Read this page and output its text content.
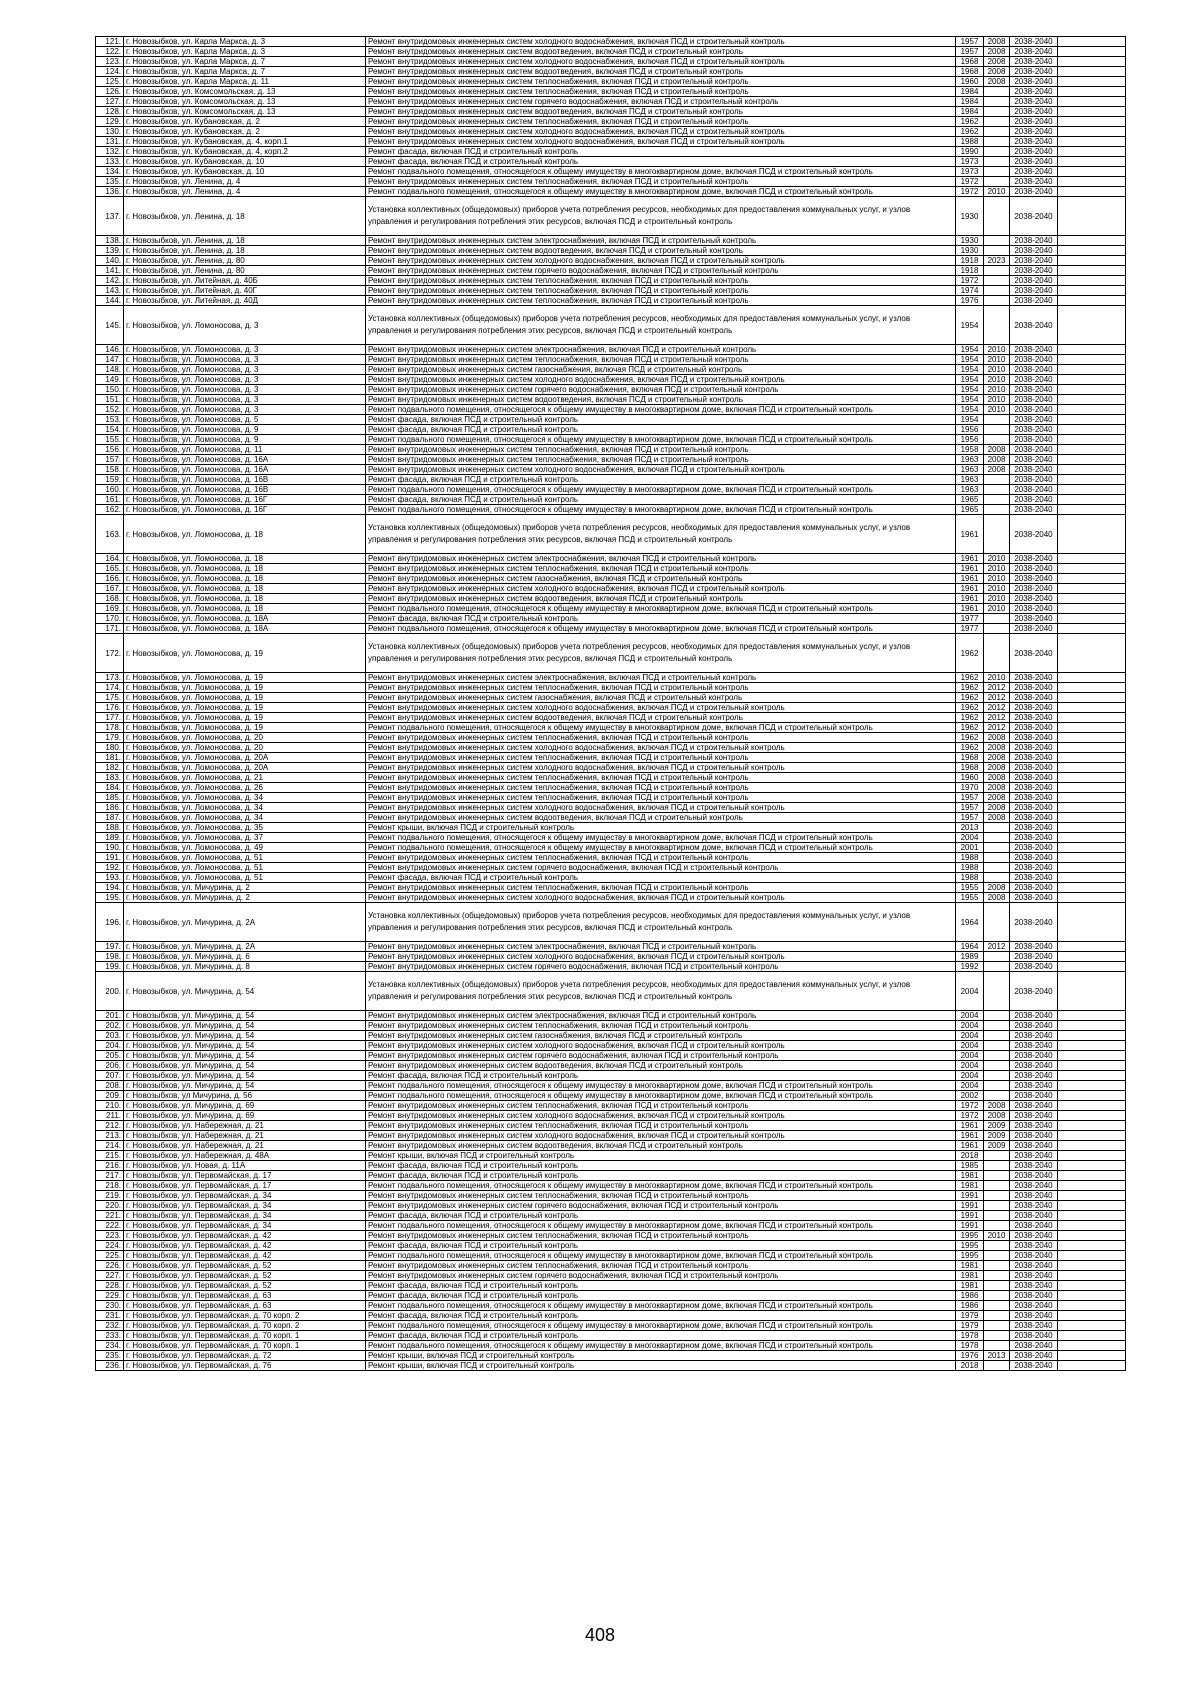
121.	г. Новозыбков, ул. Карла Маркса, д. 3	Ремонт внутридомовых инженерных систем холодного водоснабжения, включая ПСД и строительный контроль	1957	2008	2038-2040	
122.	г. Новозыбков, ул. Карла Маркса, д. 3	Ремонт внутридомовых инженерных систем водоотведения, включая ПСД и строительный контроль	1957	2008	2038-2040	
123.	г. Новозыбков, ул. Карла Маркса, д. 7	Ремонт внутридомовых инженерных систем холодного водоснабжения, включая ПСД и строительный контроль	1968	2008	2038-2040	
124.	г. Новозыбков, ул. Карла Маркса, д. 7	Ремонт внутридомовых инженерных систем водоотведения, включая ПСД и строительный контроль	1968	2008	2038-2040	
125.	г. Новозыбков, ул. Карла Маркса, д. 11	Ремонт внутридомовых инженерных систем теплоснабжения, включая ПСД и строительный контроль	1960	2008	2038-2040	
126.	г. Новозыбков, ул. Комсомольская, д. 13	Ремонт внутридомовых инженерных систем теплоснабжения, включая ПСД и строительный контроль	1984		2038-2040	
127.	г. Новозыбков, ул. Комсомольская, д. 13	Ремонт внутридомовых инженерных систем горячего водоснабжения, включая ПСД и строительный контроль	1984		2038-2040	
128.	г. Новозыбков, ул. Комсомольская, д. 13	Ремонт внутридомовых инженерных систем водоотведения, включая ПСД и строительный контроль	1984		2038-2040	
129.	г. Новозыбков, ул. Кубановская, д. 2	Ремонт внутридомовых инженерных систем теплоснабжения, включая ПСД и строительный контроль	1962		2038-2040	
130.	г. Новозыбков, ул. Кубановская, д. 2	Ремонт внутридомовых инженерных систем холодного водоснабжения, включая ПСД и строительный контроль	1962		2038-2040	
131.	г. Новозыбков, ул. Кубановская, д. 4, корп.1	Ремонт внутридомовых инженерных систем холодного водоснабжения, включая ПСД и строительный контроль	1988		2038-2040	
132.	г. Новозыбков, ул. Кубановская, д. 4, корп.2	Ремонт фасада, включая ПСД и строительный контроль	1990		2038-2040	
133.	г. Новозыбков, ул. Кубановская, д. 10	Ремонт фасада, включая ПСД и строительный контроль	1973		2038-2040	
134.	г. Новозыбков, ул. Кубановская, д. 10	Ремонт подвального помещения, относящегося к общему имуществу в многоквартирном доме, включая ПСД и строительный контроль	1973		2038-2040	
135.	г. Новозыбков, ул. Ленина, д. 4	Ремонт внутридомовых инженерных систем теплоснабжения, включая ПСД и строительный контроль	1972		2038-2040	
136.	г. Новозыбков, ул. Ленина, д. 4	Ремонт подвального помещения, относящегося к общему имуществу в многоквартирном доме, включая ПСД и строительный контроль	1972	2010	2038-2040	
137.	г. Новозыбков, ул. Ленина, д. 18	Установка коллективных (общедомовых) приборов учета потребления ресурсов, необходимых для предоставления коммунальных услуг, и узлов управления и регулирования потребления этих ресурсов, включая ПСД и строительный контроль	1930		2038-2040	
138.	г. Новозыбков, ул. Ленина, д. 18	Ремонт внутридомовых инженерных систем электроснабжения, включая ПСД и строительный контроль	1930		2038-2040	
139.	г. Новозыбков, ул. Ленина, д. 18	Ремонт внутридомовых инженерных систем водоотведения, включая ПСД и строительный контроль	1930		2038-2040	
140.	г. Новозыбков, ул. Ленина, д. 80	Ремонт внутридомовых инженерных систем холодного водоснабжения, включая ПСД и строительный контроль	1918	2023	2038-2040	
141.	г. Новозыбков, ул. Ленина, д. 80	Ремонт внутридомовых инженерных систем горячего водоснабжения, включая ПСД и строительный контроль	1918		2038-2040	
142.	г. Новозыбков, ул. Литейная, д. 40Б	Ремонт внутридомовых инженерных систем теплоснабжения, включая ПСД и строительный контроль	1972		2038-2040	
143.	г. Новозыбков, ул. Литейная, д. 40Г	Ремонт внутридомовых инженерных систем теплоснабжения, включая ПСД и строительный контроль	1974		2038-2040	
144.	г. Новозыбков, ул. Литейная, д. 40Д	Ремонт внутридомовых инженерных систем теплоснабжения, включая ПСД и строительный контроль	1976		2038-2040	
145.	г. Новозыбков, ул. Ломоносова, д. 3	Установка коллективных (общедомовых) приборов учета потребления ресурсов, необходимых для предоставления коммунальных услуг, и узлов управления и регулирования потребления этих ресурсов, включая ПСД и строительный контроль	1954		2038-2040	
146.	г. Новозыбков, ул. Ломоносова, д. 3	Ремонт внутридомовых инженерных систем электроснабжения, включая ПСД и строительный контроль	1954	2010	2038-2040	
147.	г. Новозыбков, ул. Ломоносова, д. 3	Ремонт внутридомовых инженерных систем теплоснабжения, включая ПСД и строительный контроль	1954	2010	2038-2040	
148.	г. Новозыбков, ул. Ломоносова, д. 3	Ремонт внутридомовых инженерных систем газоснабжения, включая ПСД и строительный контроль	1954	2010	2038-2040	
149.	г. Новозыбков, ул. Ломоносова, д. 3	Ремонт внутридомовых инженерных систем холодного водоснабжения, включая ПСД и строительный контроль	1954	2010	2038-2040	
150.	г. Новозыбков, ул. Ломоносова, д. 3	Ремонт внутридомовых инженерных систем горячего водоснабжения, включая ПСД и строительный контроль	1954	2010	2038-2040	
151.	г. Новозыбков, ул. Ломоносова, д. 3	Ремонт внутридомовых инженерных систем водоотведения, включая ПСД и строительный контроль	1954	2010	2038-2040	
152.	г. Новозыбков, ул. Ломоносова, д. 3	Ремонт подвального помещения, относящегося к общему имуществу в многоквартирном доме, включая ПСД и строительный контроль	1954	2010	2038-2040	
153.	г. Новозыбков, ул. Ломоносова, д. 5	Ремонт фасада, включая ПСД и строительный контроль	1954		2038-2040	
154.	г. Новозыбков, ул. Ломоносова, д. 9	Ремонт фасада, включая ПСД и строительный контроль	1956		2038-2040	
155.	г. Новозыбков, ул. Ломоносова, д. 9	Ремонт подвального помещения, относящегося к общему имуществу в многоквартирном доме, включая ПСД и строительный контроль	1956		2038-2040	
156.	г. Новозыбков, ул. Ломоносова, д. 11	Ремонт внутридомовых инженерных систем теплоснабжения, включая ПСД и строительный контроль	1958	2008	2038-2040	
157.	г. Новозыбков, ул. Ломоносова, д. 16А	Ремонт внутридомовых инженерных систем теплоснабжения, включая ПСД и строительный контроль	1963	2008	2038-2040	
158.	г. Новозыбков, ул. Ломоносова, д. 16А	Ремонт внутридомовых инженерных систем холодного водоснабжения, включая ПСД и строительный контроль	1963	2008	2038-2040	
159.	г. Новозыбков, ул. Ломоносова, д. 16В	Ремонт фасада, включая ПСД и строительный контроль	1963		2038-2040	
160.	г. Новозыбков, ул. Ломоносова, д. 16В	Ремонт подвального помещения, относящегося к общему имуществу в многоквартирном доме, включая ПСД и строительный контроль	1963		2038-2040	
161.	г. Новозыбков, ул. Ломоносова, д. 16Г	Ремонт фасада, включая ПСД и строительный контроль	1965		2038-2040	
162.	г. Новозыбков, ул. Ломоносова, д. 16Г	Ремонт подвального помещения, относящегося к общему имуществу в многоквартирном доме, включая ПСД и строительный контроль	1965		2038-2040	
163.	г. Новозыбков, ул. Ломоносова, д. 18	Установка коллективных (общедомовых) приборов учета потребления ресурсов, необходимых для предоставления коммунальных услуг, и узлов управления и регулирования потребления этих ресурсов, включая ПСД и строительный контроль	1961		2038-2040	
164.	г. Новозыбков, ул. Ломоносова, д. 18	Ремонт внутридомовых инженерных систем электроснабжения, включая ПСД и строительный контроль	1961	2010	2038-2040	
165.	г. Новозыбков, ул. Ломоносова, д. 18	Ремонт внутридомовых инженерных систем теплоснабжения, включая ПСД и строительный контроль	1961	2010	2038-2040	
166.	г. Новозыбков, ул. Ломоносова, д. 18	Ремонт внутридомовых инженерных систем газоснабжения, включая ПСД и строительный контроль	1961	2010	2038-2040	
167.	г. Новозыбков, ул. Ломоносова, д. 18	Ремонт внутридомовых инженерных систем холодного водоснабжения, включая ПСД и строительный контроль	1961	2010	2038-2040	
168.	г. Новозыбков, ул. Ломоносова, д. 18	Ремонт внутридомовых инженерных систем водоотведения, включая ПСД и строительный контроль	1961	2010	2038-2040	
169.	г. Новозыбков, ул. Ломоносова, д. 18	Ремонт подвального помещения, относящегося к общему имуществу в многоквартирном доме, включая ПСД и строительный контроль	1961	2010	2038-2040	
170.	г. Новозыбков, ул. Ломоносова, д. 18А	Ремонт фасада, включая ПСД и строительный контроль	1977		2038-2040	
171.	г. Новозыбков, ул. Ломоносова, д. 18А	Ремонт подвального помещения, относящегося к общему имуществу в многоквартирном доме, включая ПСД и строительный контроль	1977		2038-2040	
172.	г. Новозыбков, ул. Ломоносова, д. 19	Установка коллективных (общедомовых) приборов учета потребления ресурсов, необходимых для предоставления коммунальных услуг, и узлов управления и регулирования потребления этих ресурсов, включая ПСД и строительный контроль	1962		2038-2040	
173.	г. Новозыбков, ул. Ломоносова, д. 19	Ремонт внутридомовых инженерных систем электроснабжения, включая ПСД и строительный контроль	1962	2010	2038-2040	
174.	г. Новозыбков, ул. Ломоносова, д. 19	Ремонт внутридомовых инженерных систем теплоснабжения, включая ПСД и строительный контроль	1962	2012	2038-2040	
175.	г. Новозыбков, ул. Ломоносова, д. 19	Ремонт внутридомовых инженерных систем газоснабжения, включая ПСД и строительный контроль	1962	2012	2038-2040	
176.	г. Новозыбков, ул. Ломоносова, д. 19	Ремонт внутридомовых инженерных систем холодного водоснабжения, включая ПСД и строительный контроль	1962	2012	2038-2040	
177.	г. Новозыбков, ул. Ломоносова, д. 19	Ремонт внутридомовых инженерных систем водоотведения, включая ПСД и строительный контроль	1962	2012	2038-2040	
178.	г. Новозыбков, ул. Ломоносова, д. 19	Ремонт подвального помещения, относящегося к общему имуществу в многоквартирном доме, включая ПСД и строительный контроль	1962	2012	2038-2040	
179.	г. Новозыбков, ул. Ломоносова, д. 20	Ремонт внутридомовых инженерных систем теплоснабжения, включая ПСД и строительный контроль	1962	2008	2038-2040	
180.	г. Новозыбков, ул. Ломоносова, д. 20	Ремонт внутридомовых инженерных систем холодного водоснабжения, включая ПСД и строительный контроль	1962	2008	2038-2040	
181.	г. Новозыбков, ул. Ломоносова, д. 20А	Ремонт внутридомовых инженерных систем теплоснабжения, включая ПСД и строительный контроль	1968	2008	2038-2040	
182.	г. Новозыбков, ул. Ломоносова, д. 20А	Ремонт внутридомовых инженерных систем холодного водоснабжения, включая ПСД и строительный контроль	1968	2008	2038-2040	
183.	г. Новозыбков, ул. Ломоносова, д. 21	Ремонт внутридомовых инженерных систем теплоснабжения, включая ПСД и строительный контроль	1960	2008	2038-2040	
184.	г. Новозыбков, ул. Ломоносова, д. 26	Ремонт внутридомовых инженерных систем теплоснабжения, включая ПСД и строительный контроль	1970	2008	2038-2040	
185.	г. Новозыбков, ул. Ломоносова, д. 34	Ремонт внутридомовых инженерных систем теплоснабжения, включая ПСД и строительный контроль	1957	2008	2038-2040	
186.	г. Новозыбков, ул. Ломоносова, д. 34	Ремонт внутридомовых инженерных систем холодного водоснабжения, включая ПСД и строительный контроль	1957	2008	2038-2040	
187.	г. Новозыбков, ул. Ломоносова, д. 34	Ремонт внутридомовых инженерных систем водоотведения, включая ПСД и строительный контроль	1957	2008	2038-2040	
188.	г. Новозыбков, ул. Ломоносова, д. 35	Ремонт крыши, включая ПСД и строительный контроль	2013		2038-2040	
189.	г. Новозыбков, ул. Ломоносова, д. 37	Ремонт подвального помещения, относящегося к общему имуществу в многоквартирном доме, включая ПСД и строительный контроль	2004		2038-2040	
190.	г. Новозыбков, ул. Ломоносова, д. 49	Ремонт подвального помещения, относящегося к общему имуществу в многоквартирном доме, включая ПСД и строительный контроль	2001		2038-2040	
191.	г. Новозыбков, ул. Ломоносова, д. 51	Ремонт внутридомовых инженерных систем теплоснабжения, включая ПСД и строительный контроль	1988		2038-2040	
192.	г. Новозыбков, ул. Ломоносова, д. 51	Ремонт внутридомовых инженерных систем горячего водоснабжения, включая ПСД и строительный контроль	1988		2038-2040	
193.	г. Новозыбков, ул. Ломоносова, д. 51	Ремонт фасада, включая ПСД и строительный контроль	1988		2038-2040	
194.	г. Новозыбков, ул. Мичурина, д. 2	Ремонт внутридомовых инженерных систем теплоснабжения, включая ПСД и строительный контроль	1955	2008	2038-2040	
195.	г. Новозыбков, ул. Мичурина, д. 2	Ремонт внутридомовых инженерных систем холодного водоснабжения, включая ПСД и строительный контроль	1955	2008	2038-2040	
196.	г. Новозыбков, ул. Мичурина, д. 2А	Установка коллективных (общедомовых) приборов учета потребления ресурсов, необходимых для предоставления коммунальных услуг, и узлов управления и регулирования потребления этих ресурсов, включая ПСД и строительный контроль	1964		2038-2040	
197.	г. Новозыбков, ул. Мичурина, д. 2А	Ремонт внутридомовых инженерных систем электроснабжения, включая ПСД и строительный контроль	1964	2012	2038-2040	
198.	г. Новозыбков, ул. Мичурина, д. 6	Ремонт внутридомовых инженерных систем холодного водоснабжения, включая ПСД и строительный контроль	1989		2038-2040	
199.	г. Новозыбков, ул. Мичурина, д. 8	Ремонт внутридомовых инженерных систем горячего водоснабжения, включая ПСД и строительный контроль	1992		2038-2040	
200.	г. Новозыбков, ул. Мичурина, д. 54	Установка коллективных (общедомовых) приборов учета потребления ресурсов, необходимых для предоставления коммунальных услуг, и узлов управления и регулирования потребления этих ресурсов, включая ПСД и строительный контроль	2004		2038-2040	
201.	г. Новозыбков, ул. Мичурина, д. 54	Ремонт внутридомовых инженерных систем электроснабжения, включая ПСД и строительный контроль	2004		2038-2040	
202.	г. Новозыбков, ул. Мичурина, д. 54	Ремонт внутридомовых инженерных систем теплоснабжения, включая ПСД и строительный контроль	2004		2038-2040	
203.	г. Новозыбков, ул. Мичурина, д. 54	Ремонт внутридомовых инженерных систем газоснабжения, включая ПСД и строительный контроль	2004		2038-2040	
204.	г. Новозыбков, ул. Мичурина, д. 54	Ремонт внутридомовых инженерных систем холодного водоснабжения, включая ПСД и строительный контроль	2004		2038-2040	
205.	г. Новозыбков, ул. Мичурина, д. 54	Ремонт внутридомовых инженерных систем горячего водоснабжения, включая ПСД и строительный контроль	2004		2038-2040	
206.	г. Новозыбков, ул. Мичурина, д. 54	Ремонт внутридомовых инженерных систем водоотведения, включая ПСД и строительный контроль	2004		2038-2040	
207.	г. Новозыбков, ул. Мичурина, д. 54	Ремонт фасада, включая ПСД и строительный контроль	2004		2038-2040	
208.	г. Новозыбков, ул. Мичурина, д. 54	Ремонт подвального помещения, относящегося к общему имуществу в многоквартирном доме, включая ПСД и строительный контроль	2004		2038-2040	
209.	г. Новозыбков, ул Мичурина, д. 56	Ремонт подвального помещения, относящегося к общему имуществу в многоквартирном доме, включая ПСД и строительный контроль	2002		2038-2040	
210.	г. Новозыбков, ул. Мичурина, д. 69	Ремонт внутридомовых инженерных систем теплоснабжения, включая ПСД и строительный контроль	1972	2008	2038-2040	
211.	г. Новозыбков, ул. Мичурина, д. 69	Ремонт внутридомовых инженерных систем холодного водоснабжения, включая ПСД и строительный контроль	1972	2008	2038-2040	
212.	г. Новозыбков, ул. Набережная, д. 21	Ремонт внутридомовых инженерных систем теплоснабжения, включая ПСД и строительный контроль	1961	2009	2038-2040	
213.	г. Новозыбков, ул. Набережная, д. 21	Ремонт внутридомовых инженерных систем холодного водоснабжения, включая ПСД и строительный контроль	1961	2009	2038-2040	
214.	г. Новозыбков, ул. Набережная, д. 21	Ремонт внутридомовых инженерных систем водоотведения, включая ПСД и строительный контроль	1961	2009	2038-2040	
215.	г. Новозыбков, ул. Набережная, д. 48А	Ремонт крыши, включая ПСД и строительный контроль	2018		2038-2040	
216.	г. Новозыбков, ул. Новая, д. 11А	Ремонт фасада, включая ПСД и строительный контроль	1985		2038-2040	
217.	г. Новозыбков, ул. Первомайская, д. 17	Ремонт фасада, включая ПСД и строительный контроль	1981		2038-2040	
218.	г. Новозыбков, ул. Первомайская, д. 17	Ремонт подвального помещения, относящегося к общему имуществу в многоквартирном доме, включая ПСД и строительный контроль	1981		2038-2040	
219.	г. Новозыбков, ул. Первомайская, д. 34	Ремонт внутридомовых инженерных систем теплоснабжения, включая ПСД и строительный контроль	1991		2038-2040	
220.	г. Новозыбков, ул. Первомайская, д. 34	Ремонт внутридомовых инженерных систем горячего водоснабжения, включая ПСД и строительный контроль	1991		2038-2040	
221.	г. Новозыбков, ул. Первомайская, д. 34	Ремонт фасада, включая ПСД и строительный контроль	1991		2038-2040	
222.	г. Новозыбков, ул. Первомайская, д. 34	Ремонт подвального помещения, относящегося к общему имуществу в многоквартирном доме, включая ПСД и строительный контроль	1991		2038-2040	
223.	г. Новозыбков, ул. Первомайская, д. 42	Ремонт внутридомовых инженерных систем теплоснабжения, включая ПСД и строительный контроль	1995	2010	2038-2040	
224.	г. Новозыбков, ул. Первомайская, д. 42	Ремонт фасада, включая ПСД и строительный контроль	1995		2038-2040	
225.	г. Новозыбков, ул. Первомайская, д. 42	Ремонт подвального помещения, относящегося к общему имуществу в многоквартирном доме, включая ПСД и строительный контроль	1995		2038-2040	
226.	г. Новозыбков, ул. Первомайская, д. 52	Ремонт внутридомовых инженерных систем теплоснабжения, включая ПСД и строительный контроль	1981		2038-2040	
227.	г. Новозыбков, ул. Первомайская, д. 52	Ремонт внутридомовых инженерных систем горячего водоснабжения, включая ПСД и строительный контроль	1981		2038-2040	
228.	г. Новозыбков, ул. Первомайская, д. 52	Ремонт фасада, включая ПСД и строительный контроль	1981		2038-2040	
229.	г. Новозыбков, ул. Первомайская, д. 63	Ремонт фасада, включая ПСД и строительный контроль	1986		2038-2040	
230.	г. Новозыбков, ул. Первомайская, д. 63	Ремонт подвального помещения, относящегося к общему имуществу в многоквартирном доме, включая ПСД и строительный контроль	1986		2038-2040	
231.	г. Новозыбков, ул. Первомайская, д. 70 корп. 2	Ремонт фасада, включая ПСД и строительный контроль	1979		2038-2040	
232.	г. Новозыбков, ул. Первомайская, д. 70 корп. 2	Ремонт подвального помещения, относящегося к общему имуществу в многоквартирном доме, включая ПСД и строительный контроль	1979		2038-2040	
233.	г. Новозыбков, ул. Первомайская, д. 70 корп. 1	Ремонт фасада, включая ПСД и строительный контроль	1978		2038-2040	
234.	г. Новозыбков, ул. Первомайская, д. 70 корп. 1	Ремонт подвального помещения, относящегося к общему имуществу в многоквартирном доме, включая ПСД и строительный контроль	1978		2038-2040	
235.	г. Новозыбков, ул. Первомайская, д. 72	Ремонт крыши, включая ПСД и строительный контроль	1976	2013	2038-2040	
236.	г. Новозыбков, ул. Первомайская, д. 76	Ремонт крыши, включая ПСД и строительный контроль	2018		2038-2040	
408
